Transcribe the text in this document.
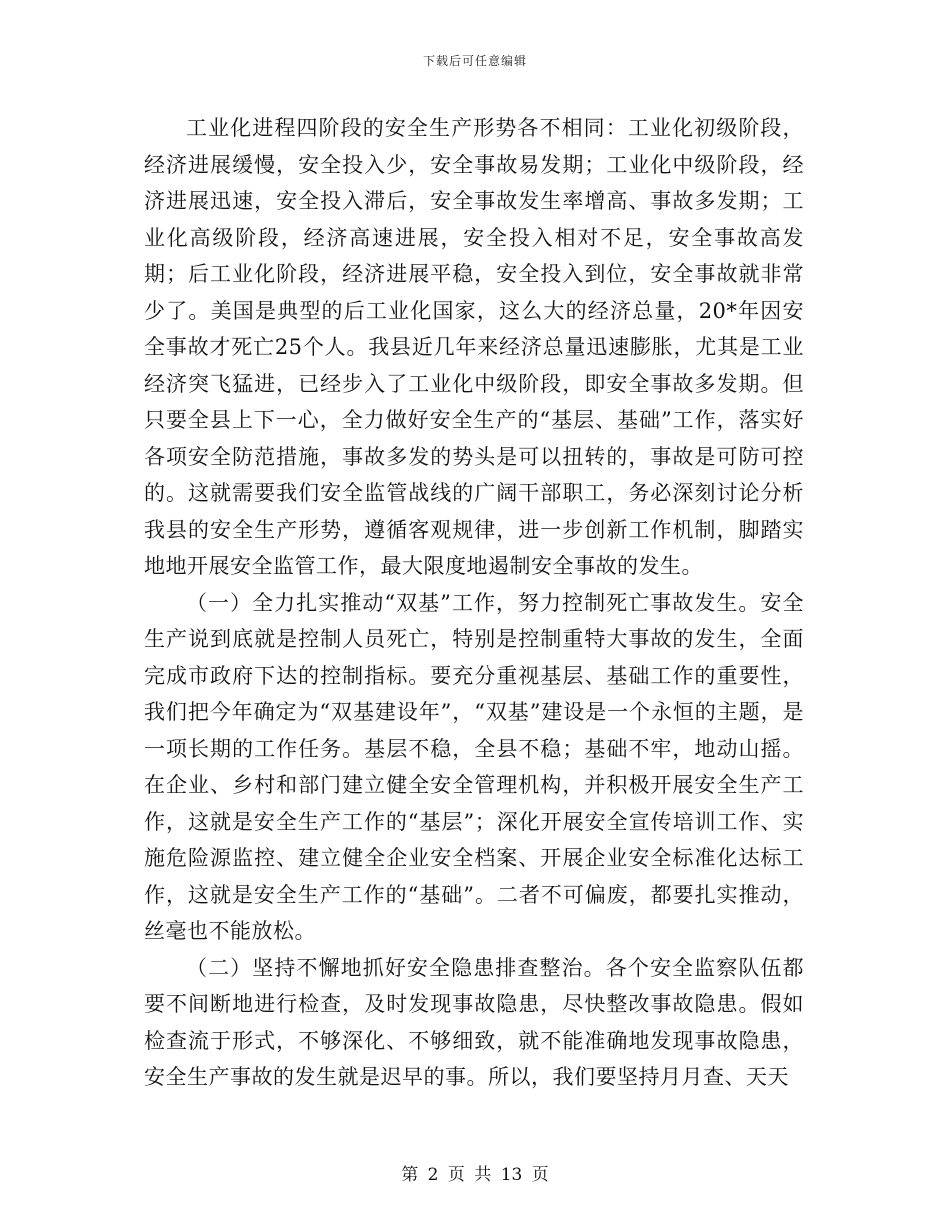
下载后可任意编辑

工业化进程四阶段的安全生产形势各不相同：工业化初级阶段，经济进展缓慢，安全投入少，安全事故易发期；工业化中级阶段，经济进展迅速，安全投入滞后，安全事故发生率增高、事故多发期；工业化高级阶段，经济高速进展，安全投入相对不足，安全事故高发期；后工业化阶段，经济进展平稳，安全投入到位，安全事故就非常少了。美国是典型的后工业化国家，这么大的经济总量，20*年因安全事故才死亡25个人。我县近几年来经济总量迅速膨胀，尤其是工业经济突飞猛进，已经步入了工业化中级阶段，即安全事故多发期。但只要全县上下一心，全力做好安全生产的“基层、基础”工作，落实好各项安全防范措施，事故多发的势头是可以扭转的，事故是可防可控的。这就需要我们安全监管战线的广阔干部职工，务必深刻讨论分析我县的安全生产形势，遵循客观规律，进一步创新工作机制，脚踏实地地开展安全监管工作，最大限度地遏制安全事故的发生。

（一）全力扎实推动“双基”工作，努力控制死亡事故发生。安全生产说到底就是控制人员死亡，特别是控制重特大事故的发生，全面完成市政府下达的控制指标。要充分重视基层、基础工作的重要性，我们把今年确定为“双基建设年”，“双基”建设是一个永恒的主题，是一项长期的工作任务。基层不稳，全县不稳；基础不牢，地动山摇。在企业、乡村和部门建立健全安全管理机构，并积极开展安全生产工作，这就是安全生产工作的“基层”；深化开展安全宣传培训工作、实施危险源监控、建立健全企业安全档案、开展企业安全标准化达标工作，这就是安全生产工作的“基础”。二者不可偏废，都要扎实推动，丝毫也不能放松。

（二）坚持不懈地抓好安全隐患排查整治。各个安全监察队伍都要不间断地进行检查，及时发现事故隐患，尽快整改事故隐患。假如检查流于形式，不够深化、不够细致，就不能准确地发现事故隐患，安全生产事故的发生就是迟早的事。所以，我们要坚持月月查、天天

第 2 页 共 13 页
